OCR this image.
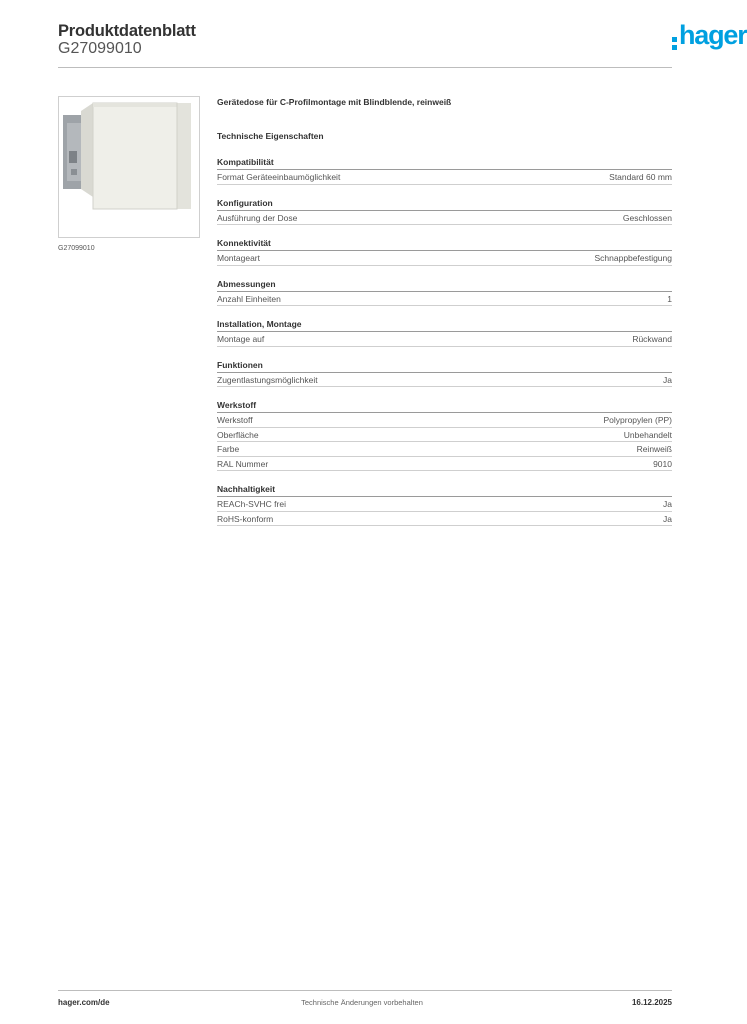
Produktdatenblatt
G27099010	hager
G27099010
Gerätedose für C-Profilmontage mit Blindblende, reinweiß
Technische Eigenschaften
Kompatibilität
Format Geräteeinbaumöglichkeit	Standard 60 mm
Konfiguration
Ausführung der Dose	Geschlossen
Konnektivität
Montageart	Schnappbefestigung
Abmessungen
Anzahl Einheiten	1
Installation, Montage
Montage auf	Rückwand
Funktionen
Zugentlastungsmöglichkeit	Ja
Werkstoff
Werkstoff	Polypropylen (PP)
Oberfläche	Unbehandelt
Farbe	Reinweiß
RAL Nummer	9010
Nachhaltigkeit
REACh-SVHC frei	Ja
RoHS-konform	Ja
hager.com/de	Technische Änderungen vorbehalten	16.12.2025
